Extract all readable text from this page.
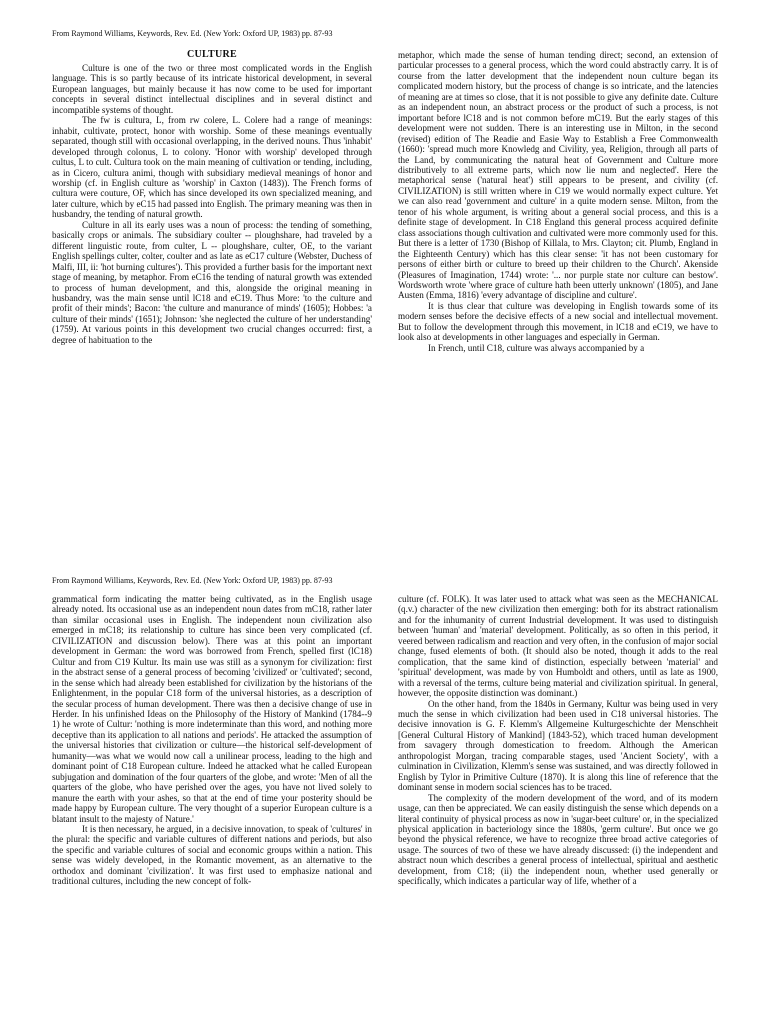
From Raymond Williams, Keywords, Rev. Ed. (New York: Oxford UP, 1983) pp. 87-93
CULTURE

Culture is one of the two or three most complicated words in the English language. This is so partly because of its intricate historical development, in several European languages, but mainly because it has now come to be used for important concepts in several distinct intellectual disciplines and in several distinct and incompatible systems of thought.

The fw is cultura, L, from rw colere, L. Colere had a range of meanings: inhabit, cultivate, protect, honor with worship. Some of these meanings eventually separated, though still with occasional overlapping, in the derived nouns. Thus 'inhabit' developed through colonus, L to colony. 'Honor with worship' developed through cultus, L to cult. Cultura took on the main meaning of cultivation or tending, including, as in Cicero, cultura animi, though with subsidiary medieval meanings of honor and worship (cf. in English culture as 'worship' in Caxton (1483)). The French forms of cultura were couture, OF, which has since developed its own specialized meaning, and later culture, which by eC15 had passed into English. The primary meaning was then in husbandry, the tending of natural growth.

Culture in all its early uses was a noun of process: the tending of something, basically crops or animals. The subsidiary coulter -- ploughshare, had traveled by a different linguistic route, from culter, L -- ploughshare, culter, OE, to the variant English spellings culter, colter, coulter and as late as eC17 culture (Webster, Duchess of Malfi, III, ii: 'hot burning cultures'). This provided a further basis for the important next stage of meaning, by metaphor. From eC16 the tending of natural growth was extended to process of human development, and this, alongside the original meaning in husbandry, was the main sense until lC18 and eC19. Thus More: 'to the culture and profit of their minds'; Bacon: 'the culture and manurance of minds' (1605); Hobbes: 'a culture of their minds' (1651); Johnson: 'she neglected the culture of her understanding' (1759). At various points in this development two crucial changes occurred: first, a degree of habituation to the

metaphor, which made the sense of human tending direct; second, an extension of particular processes to a general process, which the word could abstractly carry. It is of course from the latter development that the independent noun culture began its complicated modern history, but the process of change is so intricate, and the latencies of meaning are at times so close, that it is not possible to give any definite date. Culture as an independent noun, an abstract process or the product of such a process, is not important before lC18 and is not common before mC19. But the early stages of this development were not sudden. There is an interesting use in Milton, in the second (revised) edition of The Readie and Easie Way to Establish a Free Commonwealth (1660): 'spread much more Knowledg and Civility, yea, Religion, through all parts of the Land, by communicating the natural heat of Government and Culture more distributively to all extreme parts, which now lie num and neglected'. Here the metaphorical sense ('natural heat') still appears to be present, and civility (cf. CIVILIZATION) is still written where in C19 we would normally expect culture. Yet we can also read 'government and culture' in a quite modern sense. Milton, from the tenor of his whole argument, is writing about a general social process, and this is a definite stage of development. In C18 England this general process acquired definite class associations though cultivation and cultivated were more commonly used for this. But there is a letter of 1730 (Bishop of Killala, to Mrs. Clayton; cit. Plumb, England in the Eighteenth Century) which has this clear sense: 'it has not been customary for persons of either birth or culture to breed up their children to the Church'. Akenside (Pleasures of Imagination, 1744) wrote: '... nor purple state nor culture can bestow'. Wordsworth wrote 'where grace of culture hath been utterly unknown' (1805), and Jane Austen (Emma, 1816) 'every advantage of discipline and culture'.

It is thus clear that culture was developing in English towards some of its modern senses before the decisive effects of a new social and intellectual movement. But to follow the development through this movement, in lC18 and eC19, we have to look also at developments in other languages and especially in German.

In French, until C18, culture was always accompanied by a

From Raymond Williams, Keywords, Rev. Ed. (New York: Oxford UP, 1983) pp. 87-93

grammatical form indicating the matter being cultivated, as in the English usage already noted. Its occasional use as an independent noun dates from mC18, rather later than similar occasional uses in English. The independent noun civilization also emerged in mC18; its relationship to culture has since been very complicated (cf. CIVILIZATION and discussion below). There was at this point an important development in German: the word was borrowed from French, spelled first (lC18) Cultur and from C19 Kultur. Its main use was still as a synonym for civilization: first in the abstract sense of a general process of becoming 'civilized' or 'cultivated'; second, in the sense which had already been established for civilization by the historians of the Enlightenment, in the popular C18 form of the universal histories, as a description of the secular process of human development. There was then a decisive change of use in Herder. In his unfinished Ideas on the Philosophy of the History of Mankind (1784--9 1) he wrote of Cultur: 'nothing is more indeterminate than this word, and nothing more deceptive than its application to all nations and periods'. He attacked the assumption of the universal histories that civilization or culture—the historical self-development of humanity—was what we would now call a unilinear process, leading to the high and dominant point of C18 European culture. Indeed he attacked what he called European subjugation and domination of the four quarters of the globe, and wrote: 'Men of all the quarters of the globe, who have perished over the ages, you have not lived solely to manure the earth with your ashes, so that at the end of time your posterity should be made happy by European culture. The very thought of a superior European culture is a blatant insult to the majesty of Nature.'

It is then necessary, he argued, in a decisive innovation, to speak of 'cultures' in the plural: the specific and variable cultures of different nations and periods, but also the specific and variable cultures of social and economic groups within a nation. This sense was widely developed, in the Romantic movement, as an alternative to the orthodox and dominant 'civilization'. It was first used to emphasize national and traditional cultures, including the new concept of folk-

culture (cf. FOLK). It was later used to attack what was seen as the MECHANICAL (q.v.) character of the new civilization then emerging: both for its abstract rationalism and for the inhumanity of current Industrial development. It was used to distinguish between 'human' and 'material' development. Politically, as so often in this period, it veered between radicalism and reaction and very often, in the confusion of major social change, fused elements of both. (It should also be noted, though it adds to the real complication, that the same kind of distinction, especially between 'material' and 'spiritual' development, was made by von Humboldt and others, until as late as 1900, with a reversal of the terms, culture being material and civilization spiritual. In general, however, the opposite distinction was dominant.)

On the other hand, from the 1840s in Germany, Kultur was being used in very much the sense in which civilization had been used in C18 universal histories. The decisive innovation is G. F. Klemm's Allgemeine Kulturgeschichte der Menschheit [General Cultural History of Mankind] (1843-52), which traced human development from savagery through domestication to freedom. Although the American anthropologist Morgan, tracing comparable stages, used 'Ancient Society', with a culmination in Civilization, Klemm's sense was sustained, and was directly followed in English by Tylor in Primitive Culture (1870). It is along this line of reference that the dominant sense in modern social sciences has to be traced.

The complexity of the modern development of the word, and of its modern usage, can then be appreciated. We can easily distinguish the sense which depends on a literal continuity of physical process as now in 'sugar-beet culture' or, in the specialized physical application in bacteriology since the 1880s, 'germ culture'. But once we go beyond the physical reference, we have to recognize three broad active categories of usage. The sources of two of these we have already discussed: (i) the independent and abstract noun which describes a general process of intellectual, spiritual and aesthetic development, from C18; (ii) the independent noun, whether used generally or specifically, which indicates a particular way of life, whether of a
